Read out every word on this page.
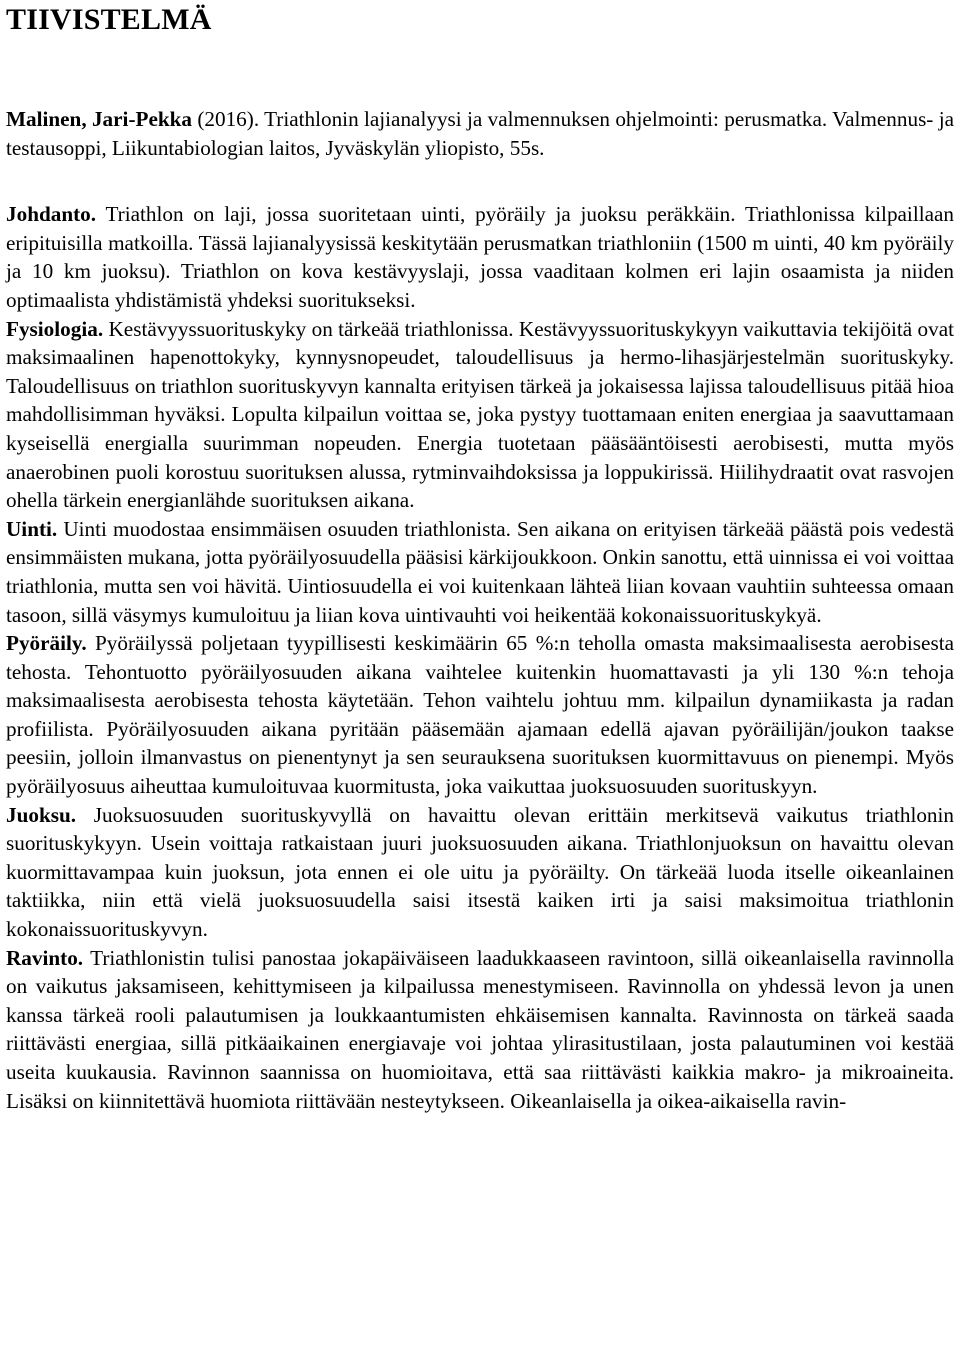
TIIVISTELMÄ

Malinen, Jari-Pekka (2016). Triathlonin lajianalyysi ja valmennuksen ohjelmointi: perusmatka. Valmennus- ja testausoppi, Liikuntabiologian laitos, Jyväskylän yliopisto, 55s.

Johdanto. Triathlon on laji, jossa suoritetaan uinti, pyöräily ja juoksu peräkkäin. Triathlonissa kilpaillaan eripituisilla matkoilla. Tässä lajianalyysissä keskitytään perusmatkan triathloniin (1500 m uinti, 40 km pyöräily ja 10 km juoksu). Triathlon on kova kestävyyslaji, jossa vaaditaan kolmen eri lajin osaamista ja niiden optimaalista yhdistämistä yhdeksi suoritukseksi.

Fysiologia. Kestävyyssuorituskyky on tärkeää triathlonissa. Kestävyyssuorituskykyyn vaikuttavia tekijöitä ovat maksimaalinen hapenottokyky, kynnysnopeudet, taloudellisuus ja hermo-lihasjärjestelmän suorituskyky. Taloudellisuus on triathlon suorituskyvyn kannalta erityisen tärkeä ja jokaisessa lajissa taloudellisuus pitää hioa mahdollisimman hyväksi. Lopulta kilpailun voittaa se, joka pystyy tuottamaan eniten energiaa ja saavuttamaan kyseisellä energialla suurimman nopeuden. Energia tuotetaan pääsääntöisesti aerobisesti, mutta myös anaerobinen puoli korostuu suorituksen alussa, rytminvaihdoksissa ja loppukirissä. Hiilihydraatit ovat rasvojen ohella tärkein energianlähde suorituksen aikana.

Uinti. Uinti muodostaa ensimmäisen osuuden triathlonista. Sen aikana on erityisen tärkeää päästä pois vedestä ensimmäisten mukana, jotta pyöräilyosuudella pääsisi kärkijoukkoon. Onkin sanottu, että uinnissa ei voi voittaa triathlonia, mutta sen voi hävitä. Uintiosuudella ei voi kuitenkaan lähteä liian kovaan vauhtiin suhteessa omaan tasoon, sillä väsymys kumuloituu ja liian kova uintivauhti voi heikentää kokonaissuorituskykyä.

Pyöräily. Pyöräilyssä poljetaan tyypillisesti keskimäärin 65 %:n teholla omasta maksimaalisesta aerobisesta tehosta. Tehontuotto pyöräilyosuuden aikana vaihtelee kuitenkin huomattavasti ja yli 130 %:n tehoja maksimaalisesta aerobisesta tehosta käytetään. Tehon vaihtelu johtuu mm. kilpailun dynamiikasta ja radan profiilista. Pyöräilyosuuden aikana pyritään pääsemään ajamaan edellä ajavan pyöräilijän/joukon taakse peesiin, jolloin ilmanvastus on pienentynyt ja sen seurauksena suorituksen kuormittavuus on pienempi. Myös pyöräilyosuus aiheuttaa kumuloituvaa kuormitusta, joka vaikuttaa juoksuosuuden suorituskyyn.

Juoksu. Juoksuosuuden suorituskyvyllä on havaittu olevan erittäin merkitsevä vaikutus triathlonin suorituskykyyn. Usein voittaja ratkaistaan juuri juoksuosuuden aikana. Triathlonjuoksun on havaittu olevan kuormittavampaa kuin juoksun, jota ennen ei ole uitu ja pyöräilty. On tärkeää luoda itselle oikeanlainen taktiikka, niin että vielä juoksuosuudella saisi itsestä kaiken irti ja saisi maksimoitua triathlonin kokonaissuorituskyvyn.

Ravinto. Triathlonistin tulisi panostaa jokapäiväiseen laadukkaaseen ravintoon, sillä oikeanlaisella ravinnolla on vaikutus jaksamiseen, kehittymiseen ja kilpailussa menestymiseen. Ravinnolla on yhdessä levon ja unen kanssa tärkeä rooli palautumisen ja loukkaantumisten ehkäisemisen kannalta. Ravinnosta on tärkeä saada riittävästi energiaa, sillä pitkäaikainen energiavaje voi johtaa ylirasitustilaan, josta palautuminen voi kestää useita kuukausia. Ravinnon saannissa on huomioitava, että saa riittävästi kaikkia makro- ja mikroaineita. Lisäksi on kiinnitettävä huomiota riittävään nesteytykseen. Oikeanlaisella ja oikea-aikaisella ravin-
